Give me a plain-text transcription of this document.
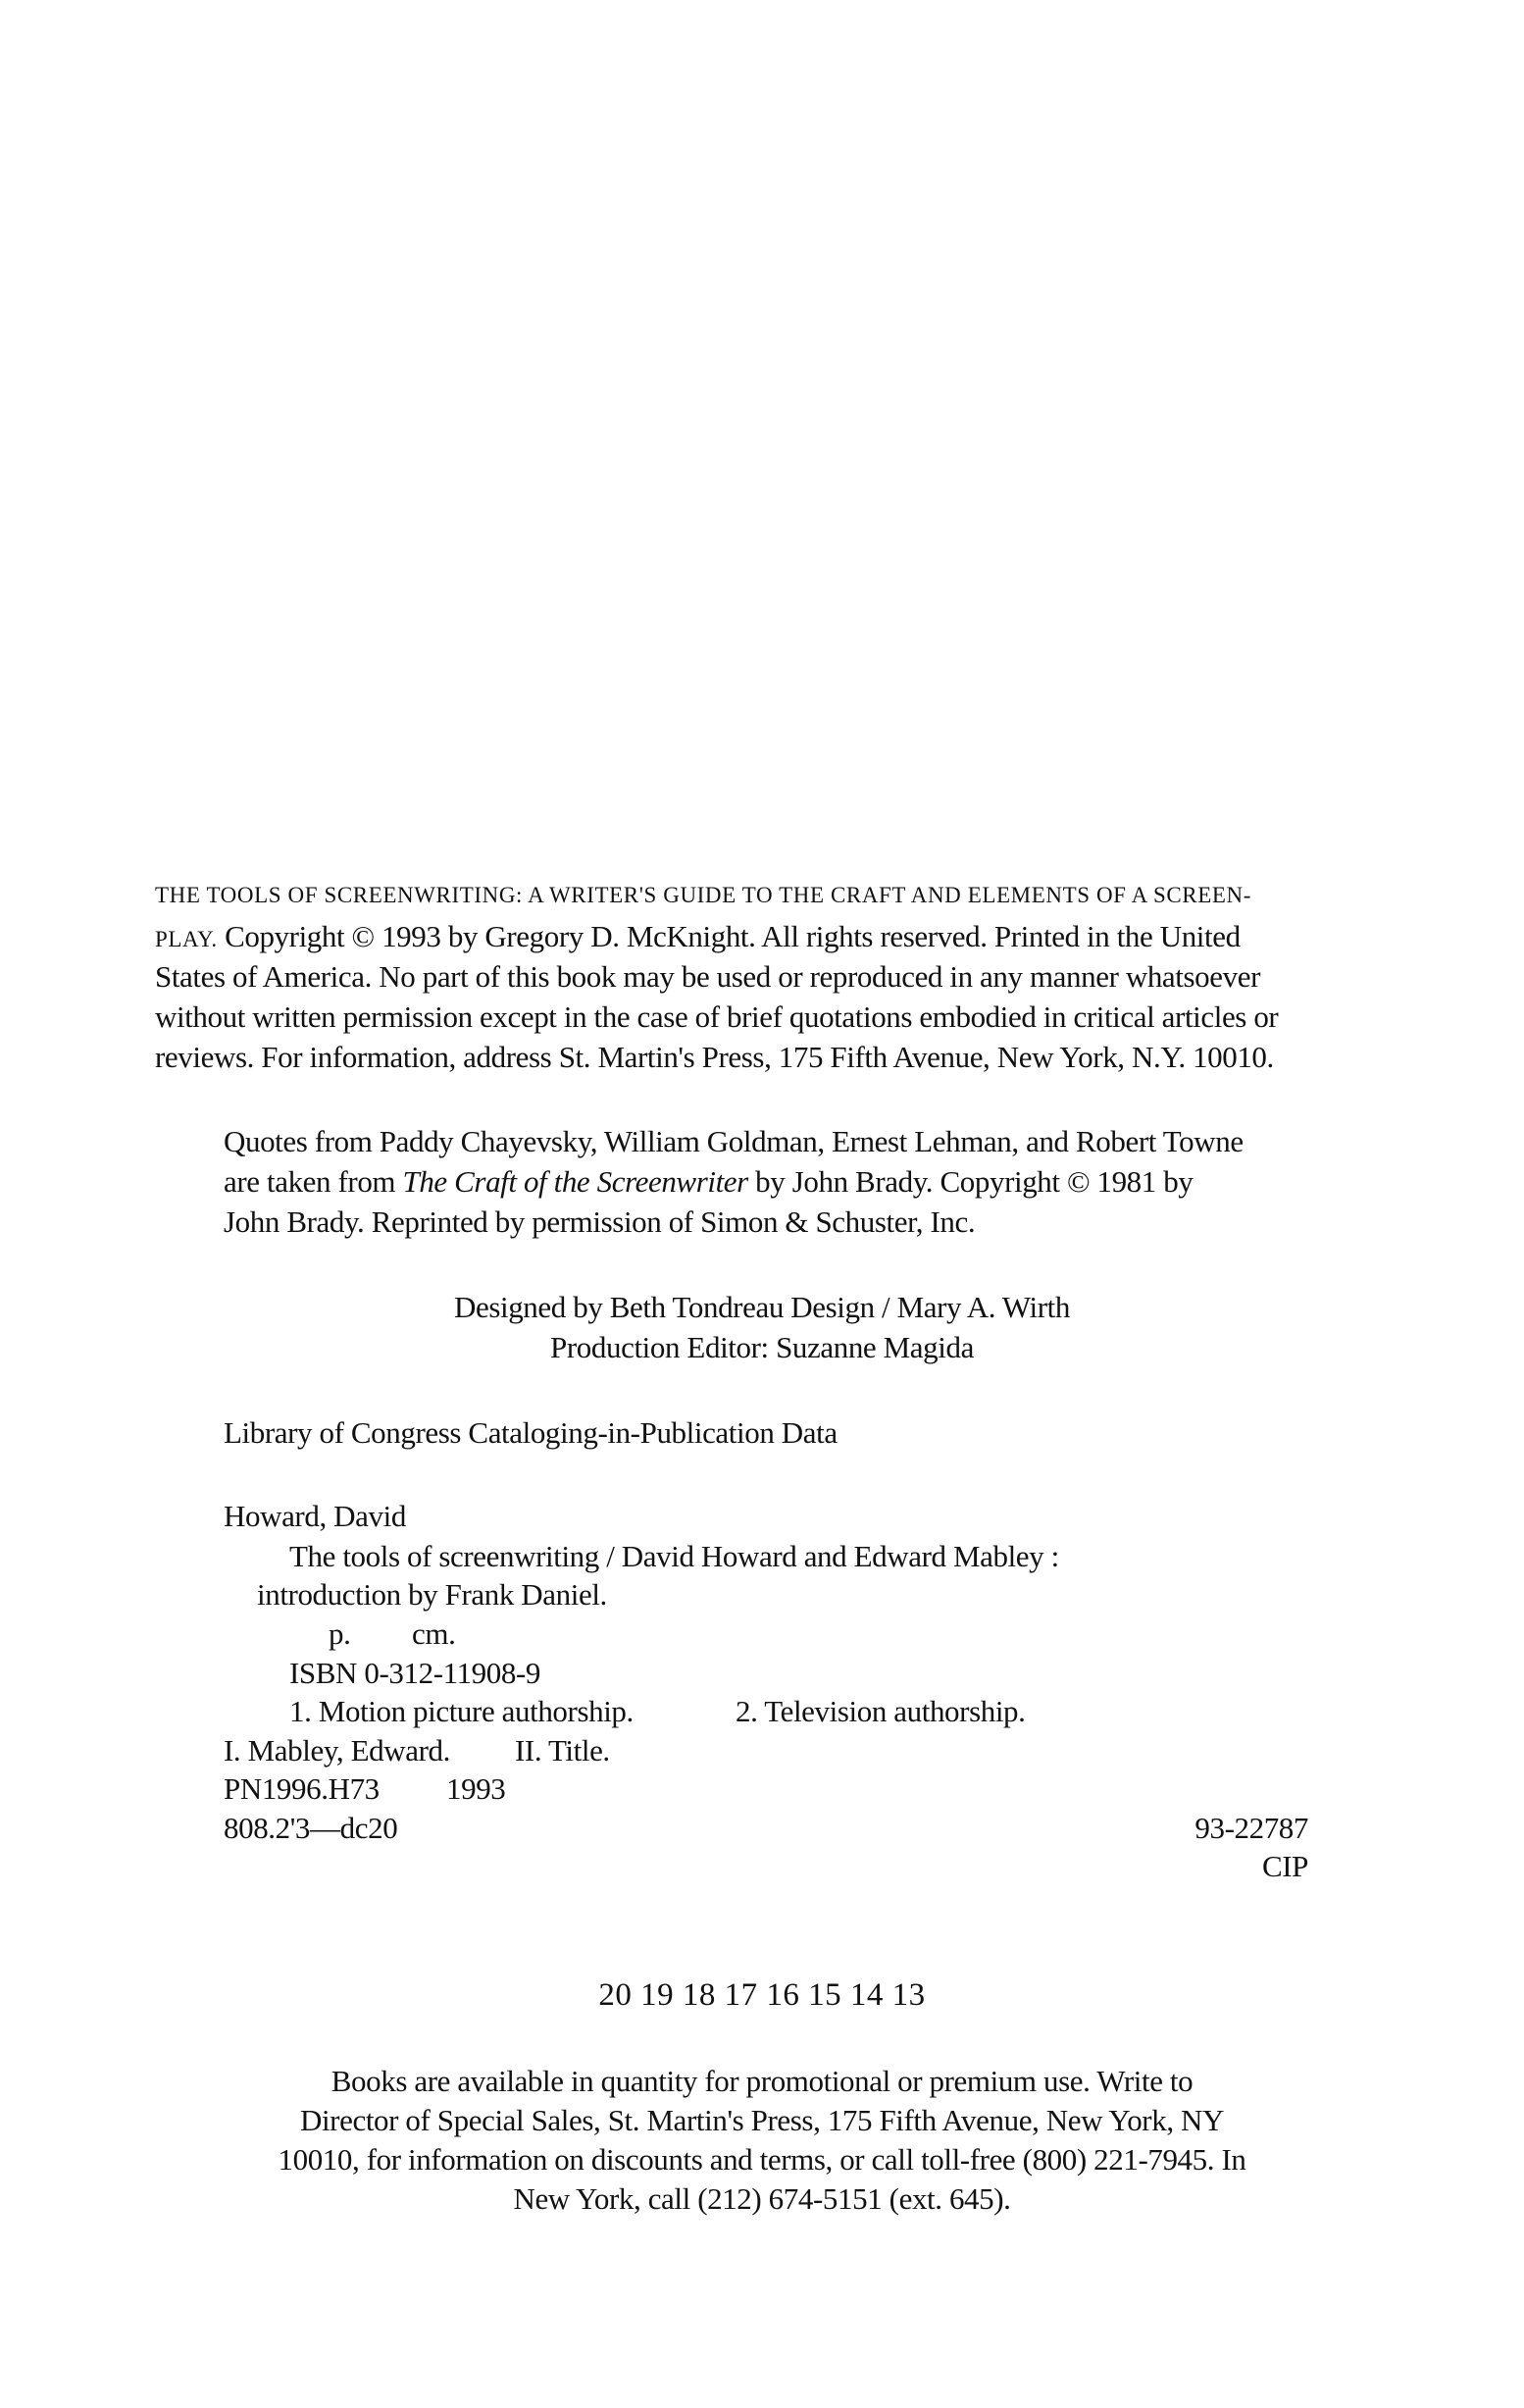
THE TOOLS OF SCREENWRITING: A WRITER'S GUIDE TO THE CRAFT AND ELEMENTS OF A SCREEN-

PLAY. Copyright © 1993 by Gregory D. McKnight. All rights reserved. Printed in the United

States of America. No part of this book may be used or reproduced in any manner whatsoever

without written permission except in the case of brief quotations embodied in critical articles or

reviews. For information, address St. Martin's Press, 175 Fifth Avenue, New York, N.Y. 10010.

Quotes from Paddy Chayevsky, William Goldman, Ernest Lehman, and Robert Towne

are taken from The Craft of the Screenwriter by John Brady. Copyright © 1981 by

John Brady. Reprinted by permission of Simon & Schuster, Inc.

Designed by Beth Tondreau Design / Mary A. Wirth

Production Editor: Suzanne Magida

Library of Congress Cataloging-in-Publication Data

Howard, David

The tools of screenwriting / David Howard and Edward Mabley :

introduction by Frank Daniel.

p. cm.

ISBN 0-312-11908-9

1. Motion picture authorship.	2. Television authorship.

I. Mabley, Edward. II. Title.

PN1996.H73 1993

808.2'3—dc20	93-22787

CIP

20 19 18 17 16 15 14 13

Books are available in quantity for promotional or premium use. Write to

Director of Special Sales, St. Martin's Press, 175 Fifth Avenue, New York, NY

10010, for information on discounts and terms, or call toll-free (800) 221-7945. In

New York, call (212) 674-5151 (ext. 645).
